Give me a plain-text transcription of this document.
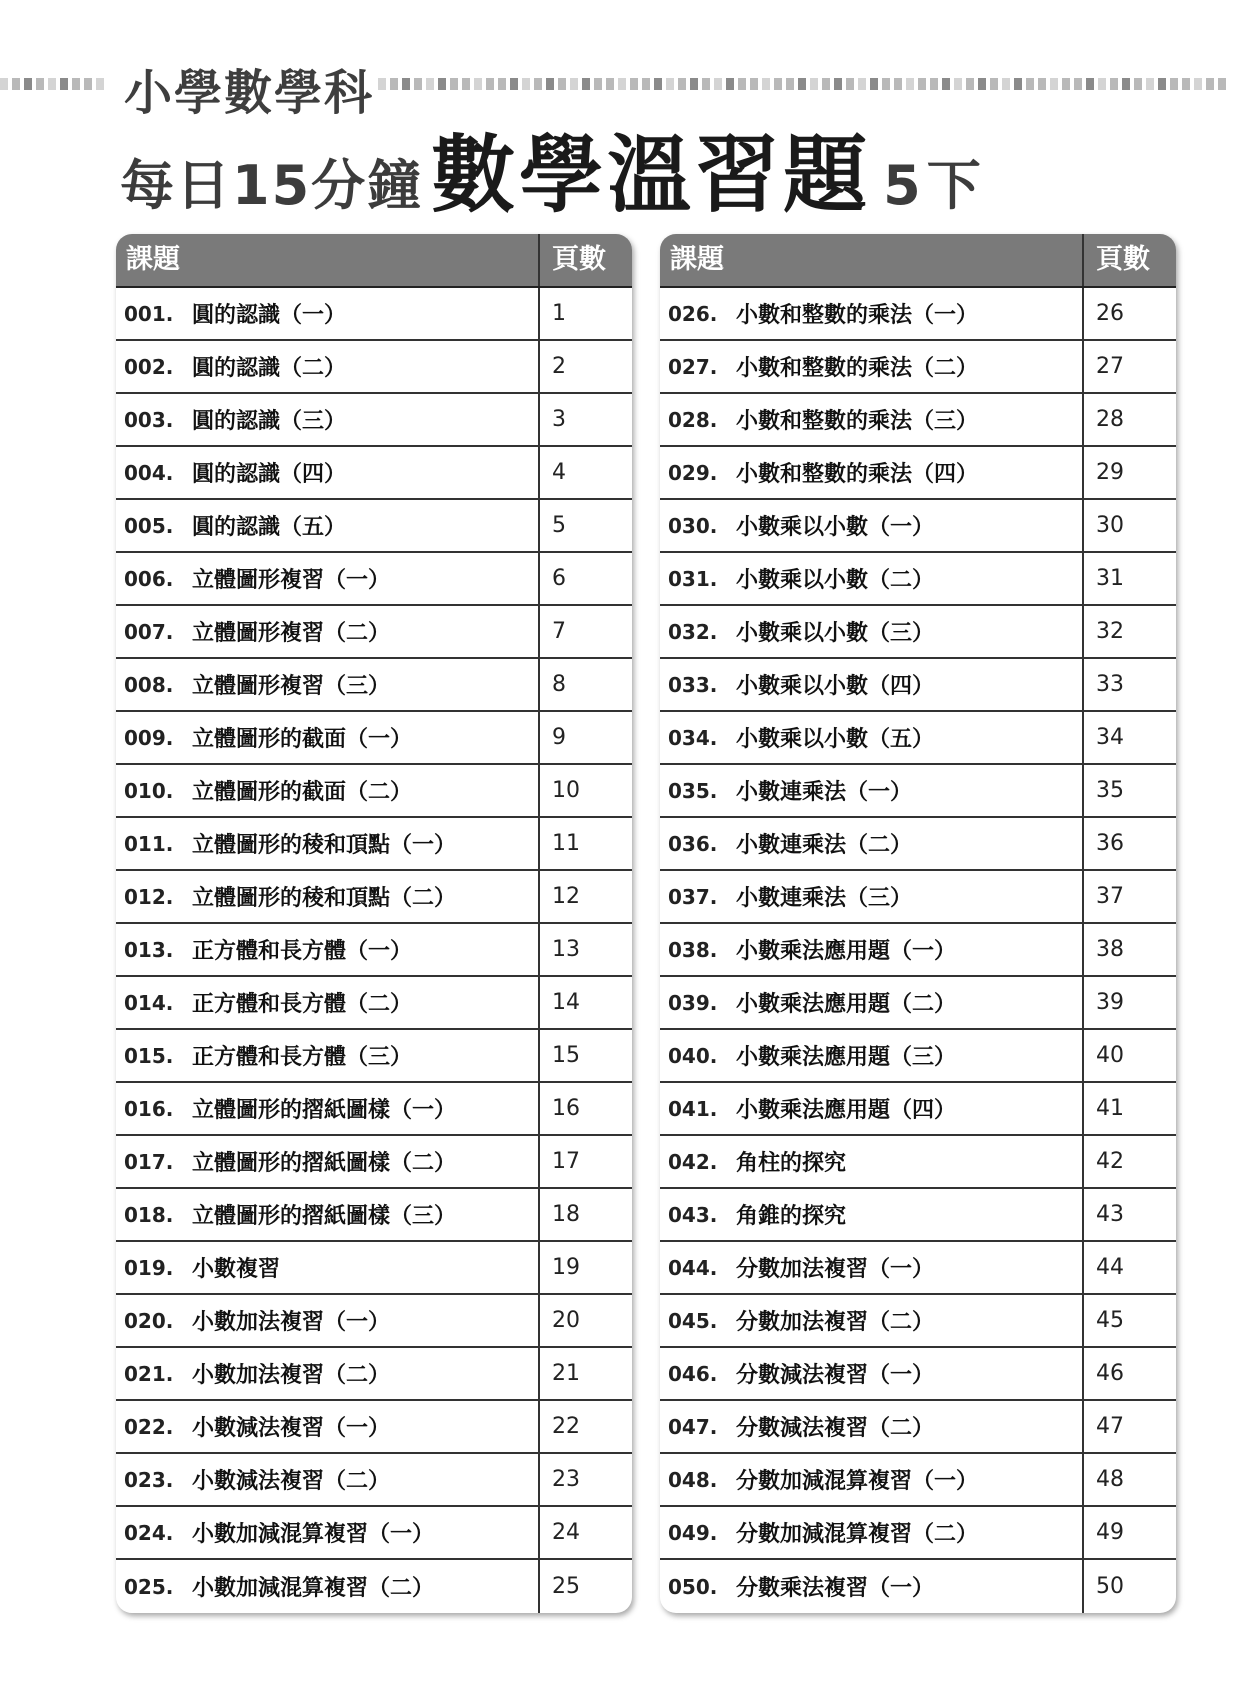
小學數學科
每日15分鐘數學溫習題 5下
課題	頁數
001. 圓的認識（一）	1
002. 圓的認識（二）	2
003. 圓的認識（三）	3
004. 圓的認識（四）	4
005. 圓的認識（五）	5
006. 立體圖形複習（一）	6
007. 立體圖形複習（二）	7
008. 立體圖形複習（三）	8
009. 立體圖形的截面（一）	9
010. 立體圖形的截面（二）	10
011. 立體圖形的稜和頂點（一）	11
012. 立體圖形的稜和頂點（二）	12
013. 正方體和長方體（一）	13
014. 正方體和長方體（二）	14
015. 正方體和長方體（三）	15
016. 立體圖形的摺紙圖樣（一）	16
017. 立體圖形的摺紙圖樣（二）	17
018. 立體圖形的摺紙圖樣（三）	18
019. 小數複習	19
020. 小數加法複習（一）	20
021. 小數加法複習（二）	21
022. 小數減法複習（一）	22
023. 小數減法複習（二）	23
024. 小數加減混算複習（一）	24
025. 小數加減混算複習（二）	25
課題	頁數
026. 小數和整數的乘法（一）	26
027. 小數和整數的乘法（二）	27
028. 小數和整數的乘法（三）	28
029. 小數和整數的乘法（四）	29
030. 小數乘以小數（一）	30
031. 小數乘以小數（二）	31
032. 小數乘以小數（三）	32
033. 小數乘以小數（四）	33
034. 小數乘以小數（五）	34
035. 小數連乘法（一）	35
036. 小數連乘法（二）	36
037. 小數連乘法（三）	37
038. 小數乘法應用題（一）	38
039. 小數乘法應用題（二）	39
040. 小數乘法應用題（三）	40
041. 小數乘法應用題（四）	41
042. 角柱的探究	42
043. 角錐的探究	43
044. 分數加法複習（一）	44
045. 分數加法複習（二）	45
046. 分數減法複習（一）	46
047. 分數減法複習（二）	47
048. 分數加減混算複習（一）	48
049. 分數加減混算複習（二）	49
050. 分數乘法複習（一）	50
